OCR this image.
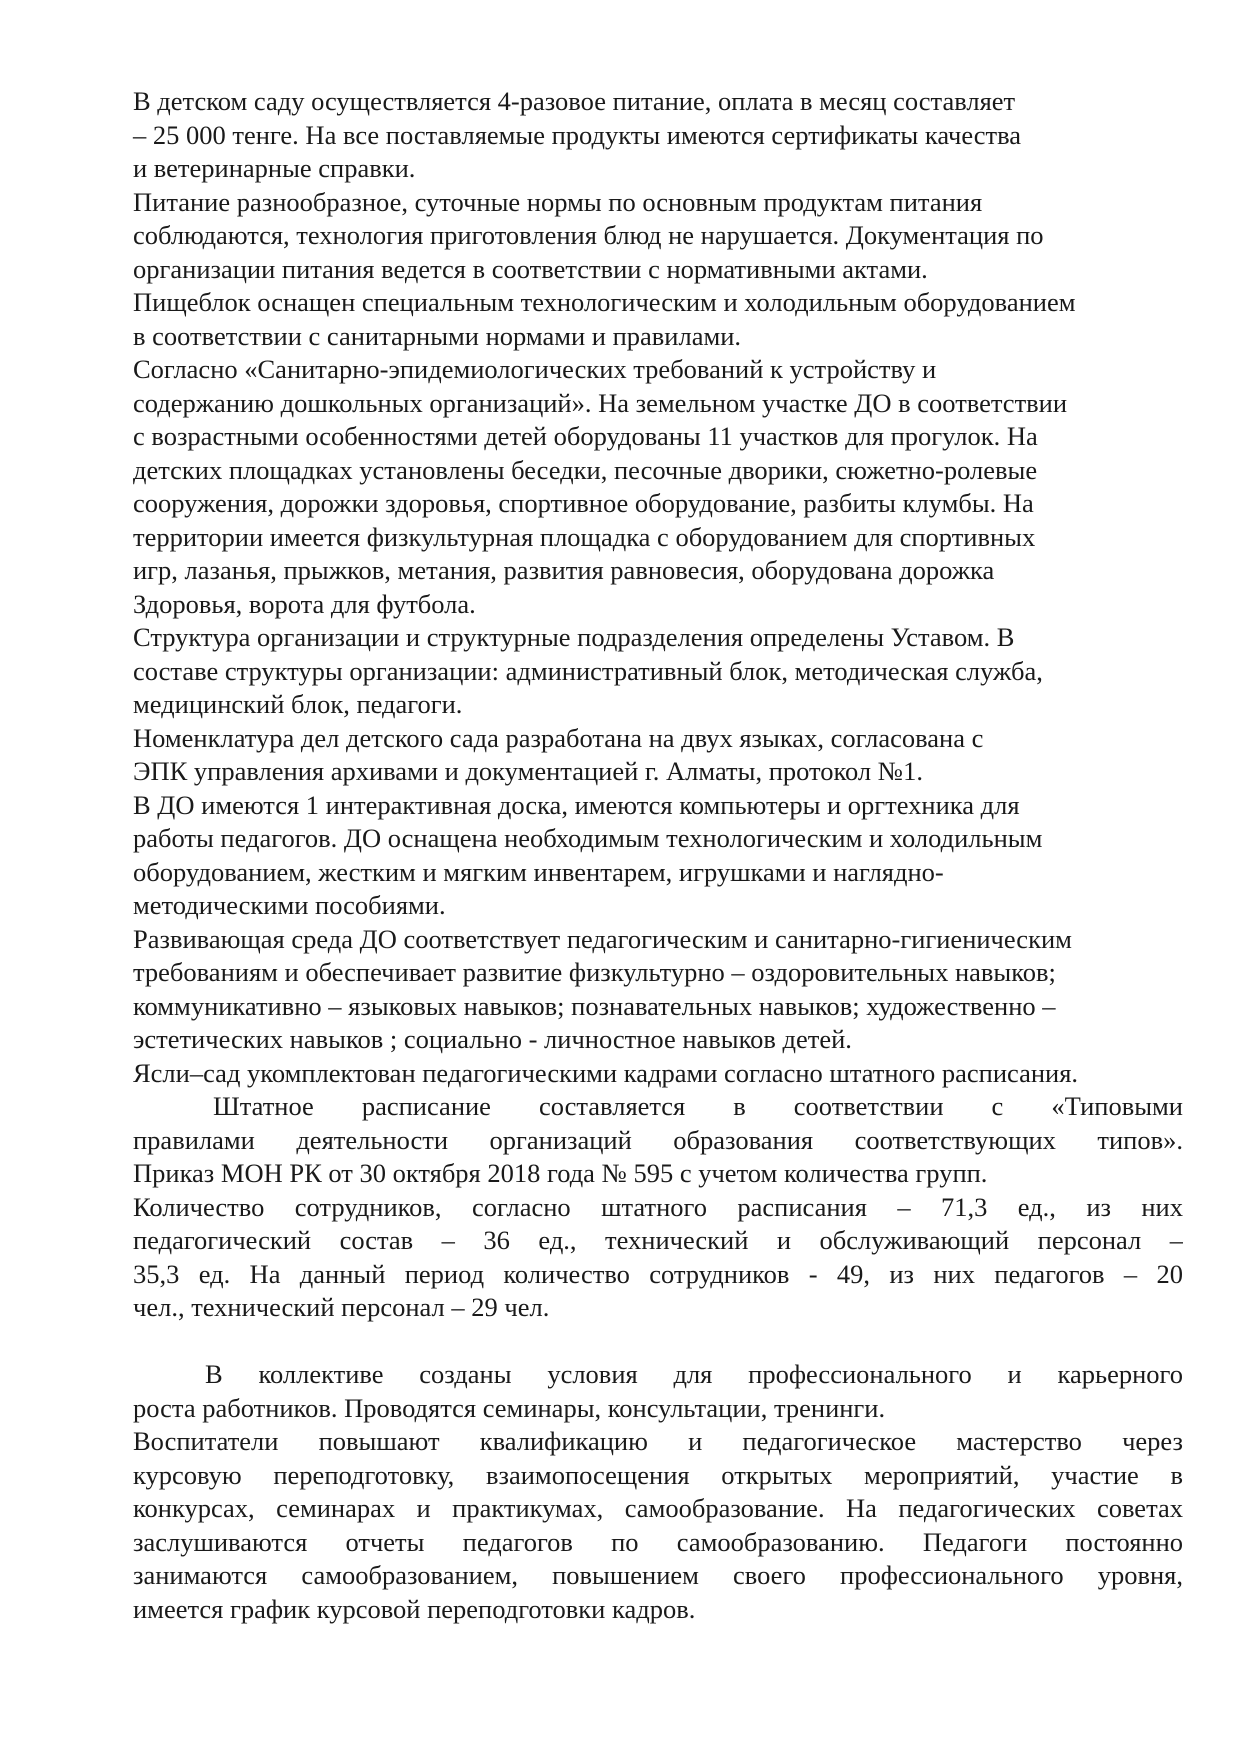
В детском саду осуществляется 4-разовое питание, оплата в месяц составляет
– 25 000 тенге. На все поставляемые продукты имеются сертификаты качества
и ветеринарные справки.
Питание разнообразное, суточные нормы по основным продуктам питания
соблюдаются, технология приготовления блюд не нарушается. Документация по
организации питания ведется в соответствии с нормативными актами.
Пищеблок оснащен специальным технологическим и холодильным оборудованием
в соответствии с санитарными нормами и правилами.
Согласно «Санитарно-эпидемиологических требований к устройству и
содержанию дошкольных организаций». На земельном участке ДО в соответствии
с возрастными особенностями детей оборудованы 11 участков для прогулок. На
детских площадках установлены беседки, песочные дворики, сюжетно-ролевые
сооружения, дорожки здоровья, спортивное оборудование, разбиты клумбы. На
территории имеется физкультурная площадка с оборудованием для спортивных
игр, лазанья, прыжков, метания, развития равновесия, оборудована дорожка
Здоровья, ворота для футбола.
Структура организации и структурные подразделения определены Уставом. В
составе структуры организации: административный блок, методическая служба,
медицинский блок, педагоги.
Номенклатура дел детского сада разработана на двух языках, согласована с
ЭПК управления архивами и документацией г. Алматы, протокол №1.
В ДО имеются 1 интерактивная доска, имеются компьютеры и оргтехника для
работы педагогов. ДО оснащена необходимым технологическим и холодильным
оборудованием, жестким и мягким инвентарем, игрушками и наглядно-
методическими пособиями.
Развивающая среда ДО соответствует педагогическим и санитарно-гигиеническим
требованиям и обеспечивает развитие физкультурно – оздоровительных навыков;
коммуникативно – языковых навыков; познавательных навыков; художественно –
эстетических навыков ; социально - личностное навыков детей.
Ясли–сад укомплектован педагогическими кадрами согласно штатного расписания.
Штатное расписание составляется в соответствии с «Типовыми
правилами деятельности организаций образования соответствующих типов».
Приказ МОН РК от 30 октября 2018 года № 595 с учетом количества групп.
Количество сотрудников, согласно штатного расписания – 71,3 ед., из них
педагогический состав – 36 ед., технический и обслуживающий персонал –
35,3 ед. На данный период количество сотрудников - 49, из них педагогов – 20
чел., технический персонал – 29 чел.
В коллективе созданы условия для профессионального и карьерного
роста работников. Проводятся семинары, консультации, тренинги.
Воспитатели повышают квалификацию и педагогическое мастерство через
курсовую переподготовку, взаимопосещения открытых мероприятий, участие в
конкурсах, семинарах и практикумах, самообразование. На педагогических советах
заслушиваются отчеты педагогов по самообразованию. Педагоги постоянно
занимаются самообразованием, повышением своего профессионального уровня,
имеется график курсовой переподготовки кадров.
